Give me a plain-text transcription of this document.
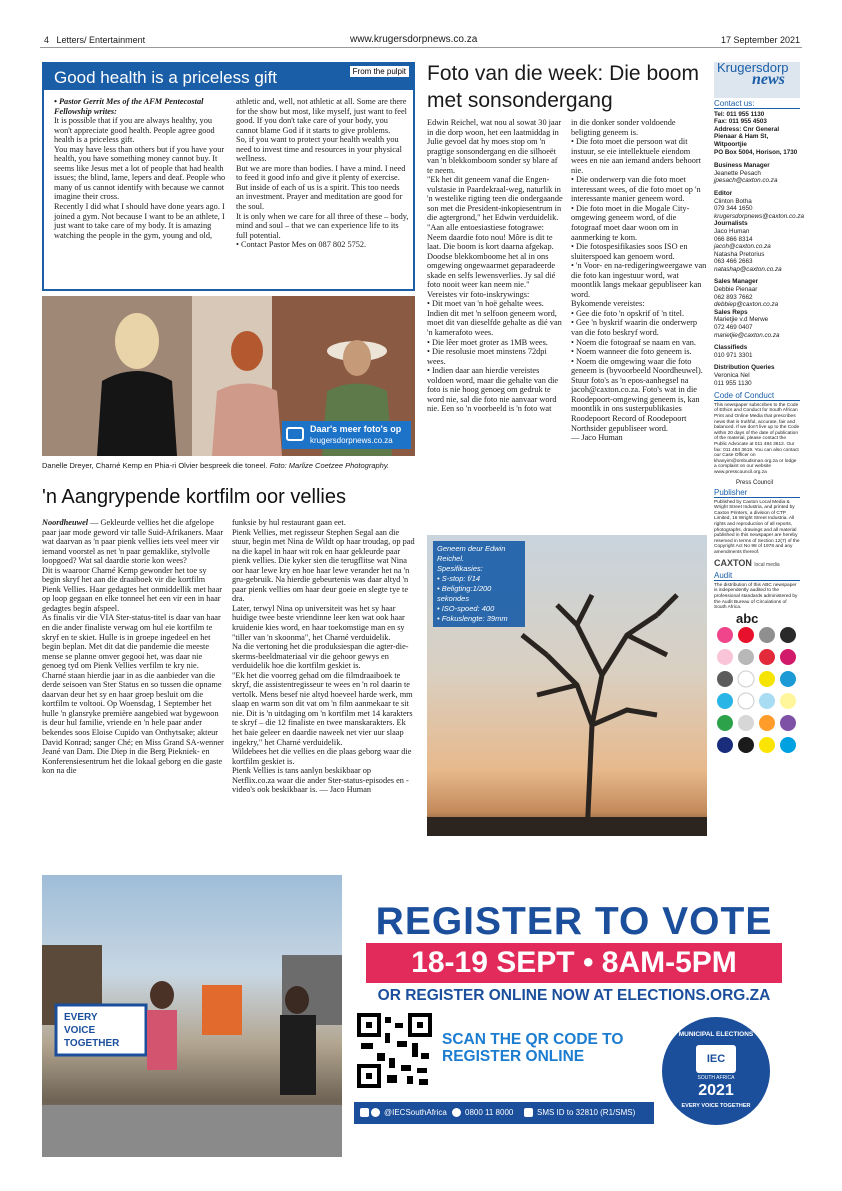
4 Letters/ Entertainment	www.krugersdorpnews.co.za	17 September 2021
Good health is a priceless gift	From the pulpit

• Pastor Gerrit Mes of the AFM Pentecostal Fellowship writes:

It is possible that if you are always healthy, you won't appreciate good health. People agree good health is a priceless gift.
You may have less than others but if you have your health, you have something money cannot buy. It seems like Jesus met a lot of people that had health issues; the blind, lame, lepers and deaf. People who many of us cannot identify with because we cannot imagine their cross.
Recently I did what I should have done years ago. I joined a gym. Not because I want to be an athlete, I just want to take care of my body. It is amazing watching the people in the gym, young and old,

athletic and, well, not athletic at all. Some are there for the show but most, like myself, just want to feel good. If you don't take care of your body, you cannot blame God if it starts to give problems.
So, if you want to protect your health wealth you need to invest time and resources in your physical wellness.
But we are more than bodies. I have a mind. I need to feed it good info and give it plenty of exercise.
But inside of each of us is a spirit. This too needs an investment. Prayer and meditation are good for the soul.
It is only when we care for all three of these – body, mind and soul – that we can experience life to its full potential.
• Contact Pastor Mes on 087 802 5752.
Daar's meer foto's op
krugersdorpnews.co.za
Danelle Dreyer, Charné Kemp en Phia-ri Olvier bespreek die toneel. Foto: Marlize Coetzee Photography.
'n Aangrypende kortfilm oor vellies
Noordheuwel — Gekleurde vellies het die afgelope paar jaar mode geword vir talle Suid-Afrikaners. Maar wat daarvan as 'n paar pienk vellies iets veel meer vir iemand voorstel as net 'n paar gemaklike, stylvolle loopgoed? Wat sal daardie storie kon wees?
Dit is waaroor Charné Kemp gewonder het toe sy begin skryf het aan die draaiboek vir die kortfilm Pienk Vellies. Haar gedagtes het onmiddellik met haar op loop gegaan en elke tonneel het een vir een in haar gedagtes begin afspeel.
As finalis vir die VIA Ster-status-titel is daar van haar en die ander finaliste verwag om hul eie kortfilm te skryf en te skiet. Hulle is in groepe ingedeel en het begin beplan. Met dit dat die pandemie die meeste mense se planne omver gegooi het, was daar nie genoeg tyd om Pienk Vellies verfilm te kry nie.
Charné staan hierdie jaar in as die aanbieder van die derde seisoen van Ster Status en so tussen die opname daarvan deur het sy en haar groep besluit om die kortfilm te voltooi. Op Woensdag, 1 September het hulle 'n glansryke première aangebied wat bygewoon is deur hul familie, vriende en 'n hele paar ander bekendes soos Eloise Cupido van Onthytsake; akteur David Konrad; sanger Ché; en Miss Grand SA-wenner Jeané van Dam. Die Diep in die Berg Piekniek- en Konferensiesentrum het die lokaal geborg en die gaste kon na die
funksie by hul restaurant gaan eet.
Pienk Vellies, met regisseur Stephen Segal aan die stuur, begin met Nina de Wildt op haar troudag, op pad na die kapel in haar wit rok en haar gekleurde paar pienk vellies. Die kyker sien die terugflitse wat Nina oor haar lewe kry en hoe haar lewe verander het na 'n gru-gebruik. Na hierdie gebeurtenis was daar altyd 'n paar pienk vellies om haar deur goeie en slegte tye te dra.
Later, terwyl Nina op universiteit was het sy haar huidige twee beste vriendinne leer ken wat ook haar kruidenie kies word, en haar toekomstige man en sy "tiller van 'n skoonma", het Charné verduidelik.
Na die vertoning het die produksiespan die agter-die-skerms-beeldmateriaal vir die gehoor gewys en verduidelik hoe die kortfilm geskiet is.
"Ek het die voorreg gehad om die filmdraaiboek te skryf, die assistentregisseur te wees en 'n rol daarin te vertolk. Mens besef nie altyd hoeveel harde werk, mm slaap en warm son dit vat om 'n film aanmekaar te sit nie. Dit is 'n uitdaging om 'n kortfilm met 14 karakters te skryf – die 12 finaliste en twee manskarakters. Ek het baie geleer en daardie naweek net vier uur slaap ingekry," het Charné verduidelik.
Wildebees het die vellies en die plaas geborg waar die kortfilm geskiet is.
Pienk Vellies is tans aanlyn beskikbaar op Netflix.co.za waar die ander Ster-status-episodes en -video's ook beskikbaar is. — Jaco Human
Foto van die week: Die boom met sonsondergang
Edwin Reichel, wat nou al sowat 30 jaar in die dorp woon, het een laatmiddag in Julie gevoel dat hy moes stop om 'n pragtige sonsondergang en die silhoeët van 'n blekkomboom sonder sy blare af te neem.
"Ek het dit geneem vanaf die Engen-vulstasie in Paardekraal-weg, naturlik in 'n westelike rigting teen die ondergaande son met die President-inkopiesentrum in die agtergrond," het Edwin verduidelik.
"Aan alle entoesiastiese fotograwe: Neem daardie foto nou! Môre is dit te laat. Die boom is kort daarna afgekap. Doodse blekkomboome het al in ons omgewing ongewaarmet geparadeerde skade en selfs lewensverlies. Jy sal dié foto nooit weer kan neem nie."
Vereistes vir foto-inskrywings:
• Dit moet van 'n hoë gehalte wees. Indien dit met 'n selfoon geneem word, moet dit van dieselfde gehalte as dié van 'n kamerafoto wees.
• Die lêer moet groter as 1MB wees.
• Die resolusie moet minstens 72dpi wees.
• Indien daar aan hierdie vereistes voldoen word, maar die gehalte van die foto is nie hoog genoeg om gedruk te word nie, sal die foto nie aanvaar word nie. Een so 'n voorbeeld is 'n foto wat
in die donker sonder voldoende beligting geneem is.
• Die foto moet die persoon wat dit instuur, se eie intellektuele eiendom wees en nie aan iemand anders behoort nie.
• Die onderwerp van die foto moet interessant wees, of die foto moet op 'n interessante manier geneem word.
• Die foto moet in die Mogale City-omgewing geneem word, of die fotograaf moet daar woon om in aanmerking te kom.
• Die fotospesifikasies soos ISO en sluiterspoed kan genoem word.
• 'n Voor- en na-redigeringweergawe van die foto kan ingestuur word, wat moontlik langs mekaar gepubliseer kan word.
Bykomende vereistes:
• Gee die foto 'n opskrif of 'n titel.
• Gee 'n byskrif waarin die onderwerp van die foto beskryf word.
• Noem die fotograaf se naam en van.
• Noem wanneer die foto geneem is.
• Noem die omgewing waar die foto geneem is (byvoorbeeld Noordheuwel).
Stuur foto's as 'n epos-aanhegsel na jacoh@caxton.co.za. Foto's wat in die Roodepoort-omgewing geneem is, kan moontlik in ons susterpublikasies Roodepoort Record of Roodepoort Northsider gepubliseer word.
— Jaco Human
Geneem deur Edwin Reichel.
Spesifikasies:
• S-stop: f/14
• Beligting:1/200 sekondes
• ISO-spoed: 400
• Fokuslengte: 39mm
Krugersdorp
news
Contact us:
Tel: 011 955 1130
Fax: 011 955 4503
Address: Cnr General Pienaar & Ham St, Witpoortjie
PO Box 5004, Horison, 1730
Business Manager
Jeanette Pesach
jpesach@caxton.co.za
Editor
Clinton Botha
079 344 1650
krugersdorpnews@caxton.co.za
Journalists
Jaco Human
066 866 8314
jacoh@caxton.co.za
Natasha Pretorius
063 466 2663
natashap@caxton.co.za
Sales Manager
Debbie Pienaar
062 893 7662
debbiep@caxton.co.za
Sales Reps
Marietjie v.d Merwe
072 469 0407
marietjie@caxton.co.za
Classifieds
010 971 3301
Distribution Queries
Veronica Nel
011 955 1130
Code of Conduct
This newspaper subscribes to the Code of Ethics and Conduct for South African Print and Online Media that prescribes news that is truthful, accurate, fair and balanced. If we don't live up to the Code within 20 days of the date of publication of the material, please contact the Public Advocate at 011 484 3612. Our fax: 011 484 3619. You can also contact our Case Officer on khanyim@ombudsman.org.za or lodge a complaint on our website www.presscouncil.org.za
Press Council
Publisher
Published by Caxton Local Media & Wright Street Industria, and printed by Caxton Printers, a division of CTP Limited, 16 Wright Street Industria. All rights and reproduction of all reports, photographs, drawings and all material published in this newspaper are hereby reserved in terms of Section 12(7) of the Copyright Act No 98 of 1978 and any amendments thereof.
CAXTON local media
Audit
The distribution of this ABC newspaper is independently audited to the professional standards administered by the Audit Bureau of Circulations of South Africa.
abc
EVERY
VOICE
TOGETHER
REGISTER TO VOTE
18-19 SEPT • 8AM-5PM
OR REGISTER ONLINE NOW AT ELECTIONS.ORG.ZA
SCAN THE QR CODE TO REGISTER ONLINE
MUNICIPAL ELECTIONS
IEC
SOUTH AFRICA
2021
EVERY VOICE TOGETHER
@IECSouthAfrica 0800 11 8000	SMS ID to 32810 (R1/SMS)
